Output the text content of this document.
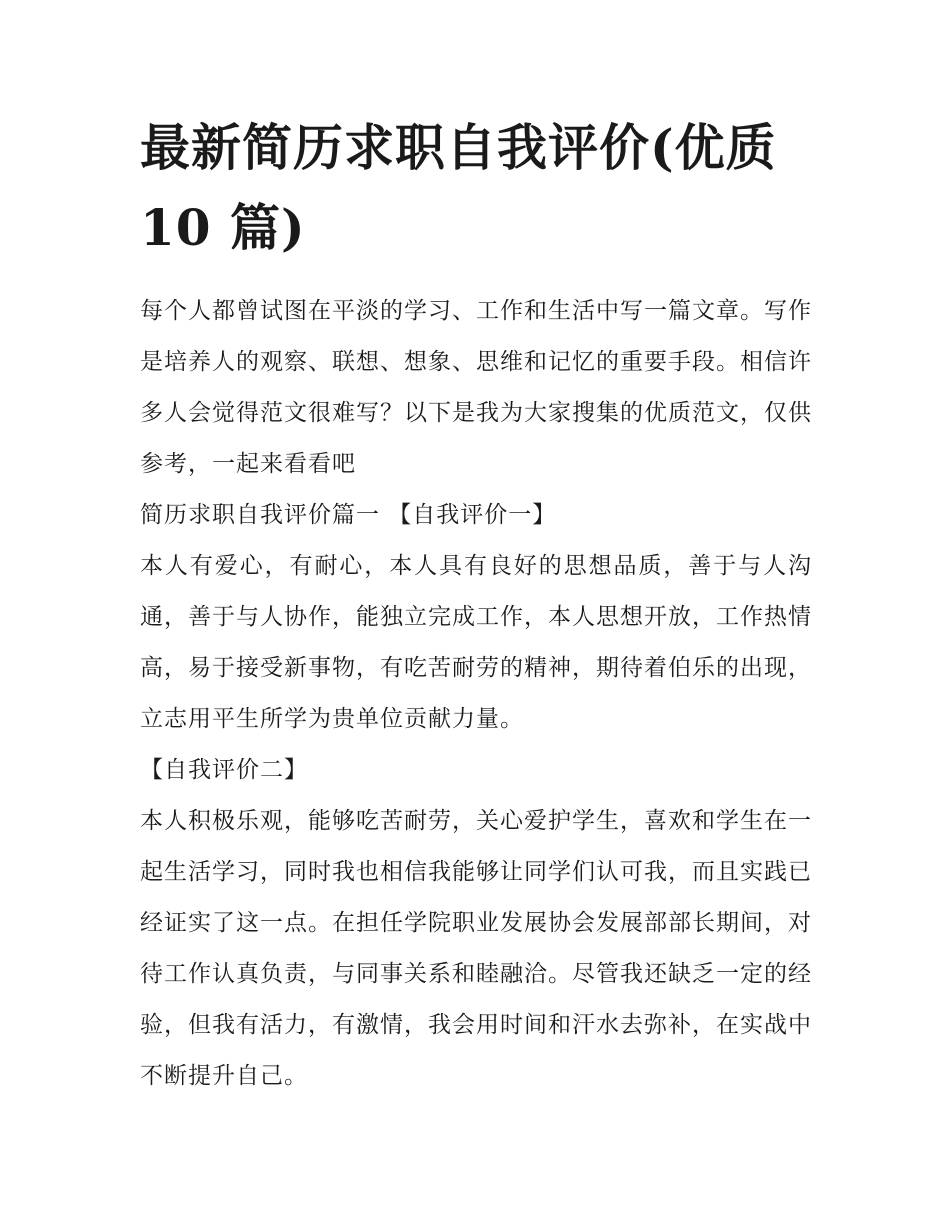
最新简历求职自我评价(优质 10 篇)

每个人都曾试图在平淡的学习、工作和生活中写一篇文章。写作是培养人的观察、联想、想象、思维和记忆的重要手段。相信许多人会觉得范文很难写？以下是我为大家搜集的优质范文，仅供参考，一起来看看吧

简历求职自我评价篇一 【自我评价一】

本人有爱心，有耐心，本人具有良好的思想品质，善于与人沟通，善于与人协作，能独立完成工作，本人思想开放，工作热情高，易于接受新事物，有吃苦耐劳的精神，期待着伯乐的出现，立志用平生所学为贵单位贡献力量。

【自我评价二】

本人积极乐观，能够吃苦耐劳，关心爱护学生，喜欢和学生在一起生活学习，同时我也相信我能够让同学们认可我，而且实践已经证实了这一点。在担任学院职业发展协会发展部部长期间，对待工作认真负责，与同事关系和睦融洽。尽管我还缺乏一定的经验，但我有活力，有激情，我会用时间和汗水去弥补，在实战中不断提升自己。
